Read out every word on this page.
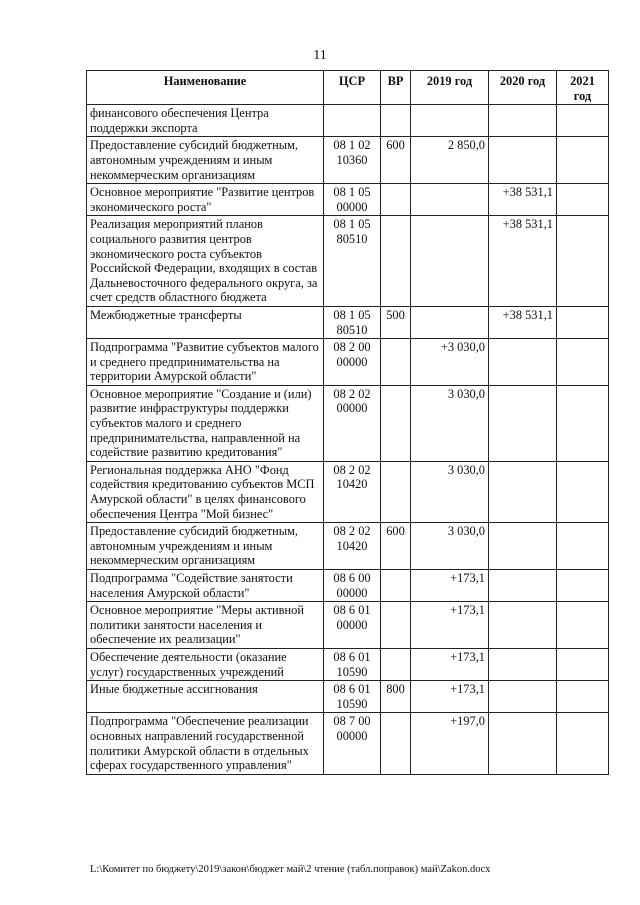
11
Наименование	ЦСР	ВР	2019 год	2020 год	2021 год
финансового обеспечения Центра поддержки экспорта					
Предоставление субсидий бюджетным, автономным учреждениям и иным некоммерческим организациям	08 1 02 10360	600	2 850,0		
Основное мероприятие "Развитие центров экономического роста"	08 1 05 00000			+38 531,1	
Реализация мероприятий планов социального развития центров экономического роста субъектов Российской Федерации, входящих в состав Дальневосточного федерального округа, за счет средств областного бюджета	08 1 05 80510			+38 531,1	
Межбюджетные трансферты	08 1 05 80510	500		+38 531,1	
Подпрограмма "Развитие субъектов малого и среднего предпринимательства на территории Амурской области"	08 2 00 00000		+3 030,0		
Основное мероприятие "Создание и (или) развитие инфраструктуры поддержки субъектов малого и среднего предпринимательства, направленной на содействие развитию кредитования"	08 2 02 00000		3 030,0		
Региональная поддержка АНО "Фонд содействия кредитованию субъектов МСП Амурской области" в целях финансового обеспечения Центра "Мой бизнес"	08 2 02 10420		3 030,0		
Предоставление субсидий бюджетным, автономным учреждениям и иным некоммерческим организациям	08 2 02 10420	600	3 030,0		
Подпрограмма "Содействие занятости населения Амурской области"	08 6 00 00000		+173,1		
Основное мероприятие "Меры активной политики занятости населения и обеспечение их реализации"	08 6 01 00000		+173,1		
Обеспечение деятельности (оказание услуг) государственных учреждений	08 6 01 10590		+173,1		
Иные бюджетные ассигнования	08 6 01 10590	800	+173,1		
Подпрограмма "Обеспечение реализации основных направлений государственной политики Амурской области в отдельных сферах государственного управления"	08 7 00 00000		+197,0		
L:\Комитет по бюджету\2019\закон\бюджет май\2 чтение (табл.поправок) май\Zakon.docx
